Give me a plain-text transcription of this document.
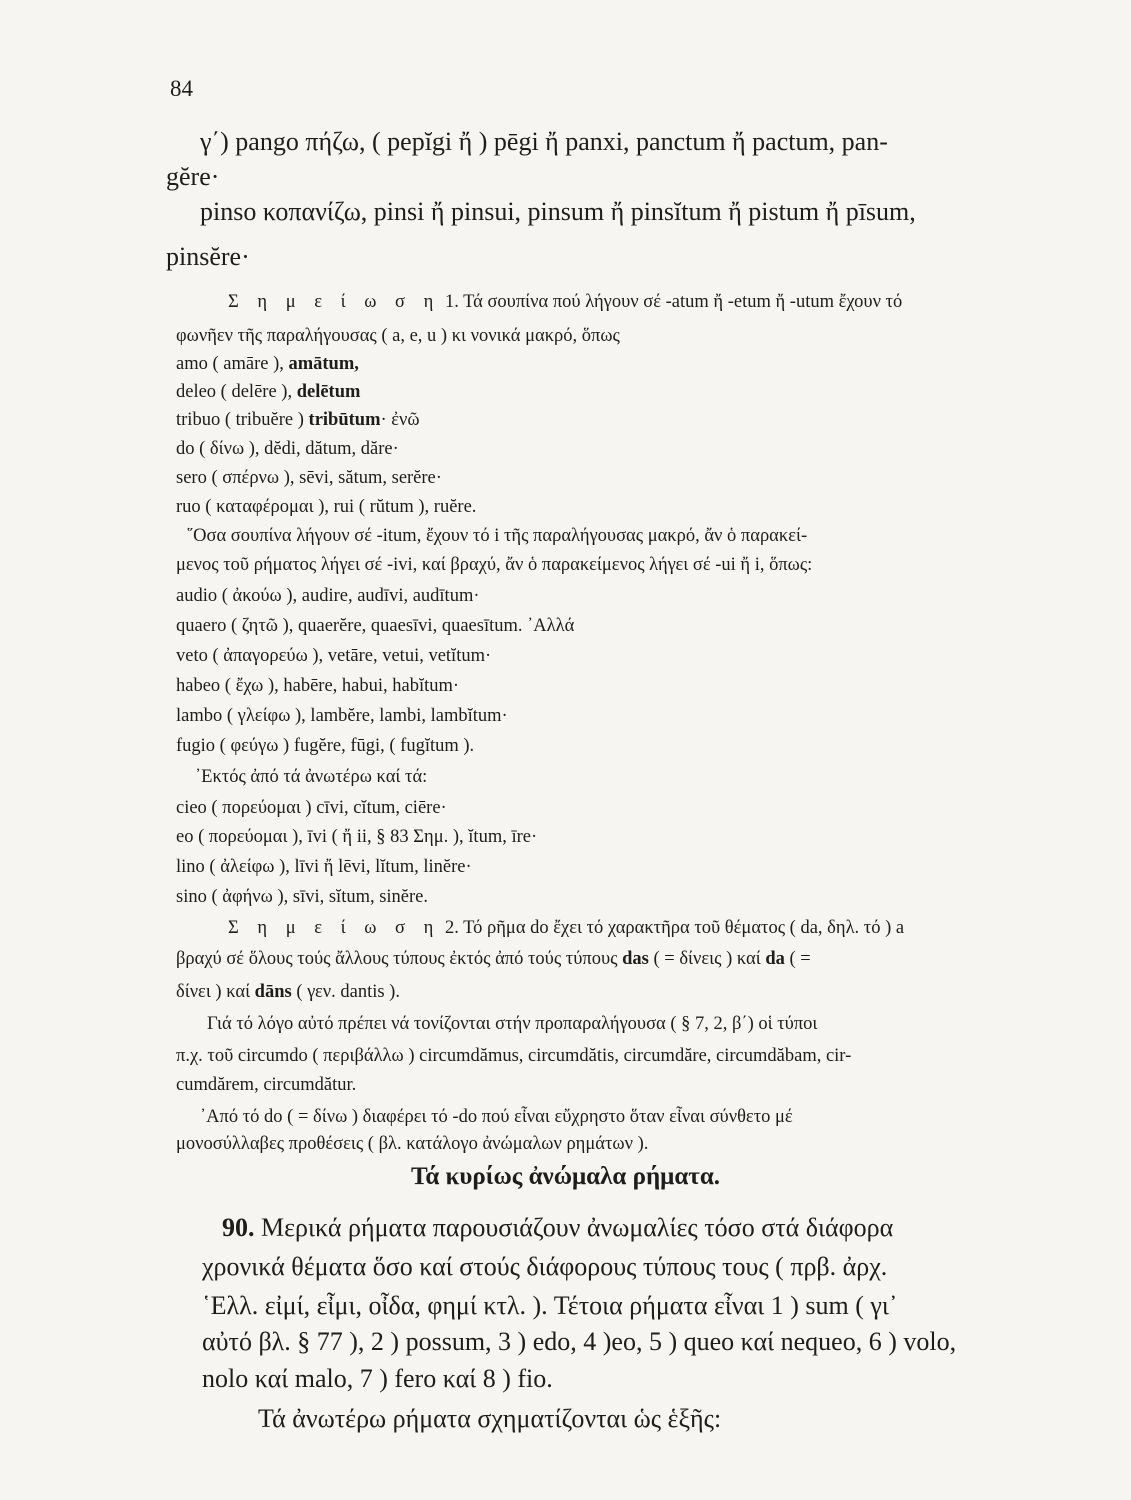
84
γ΄) pango πήζω, ( pepĭgi ἤ ) pēgi ἤ panxi, panctum ἤ pactum, pan-
gĕre·
pinso κοπανίζω, pinsi ἤ pinsui, pinsum ἤ pinsĭtum ἤ pistum ἤ pīsum,
pinsĕre·
Σ η μ ε ί ω σ η 1. Τά σουπίνα πού λήγουν σέ -atum ἤ -etum ἤ -utum ἔχουν τό
φωνῆεν τῆς παραλήγουσας ( a, e, u ) κι νονικά μακρό, ὅπως
amo ( amāre ), amātum,
deleo ( delēre ), delētum
tribuo ( tribuĕre ) tribūtum· ἐνῶ
do ( δίνω ), dĕdi, dătum, dăre·
sero ( σπέρνω ), sēvi, sătum, serĕre·
ruo ( καταφέρομαι ), rui ( rŭtum ), ruĕre.
῞Οσα σουπίνα λήγουν σέ -itum, ἔχουν τό i τῆς παραλήγουσας μακρό, ἄν ὁ παρακεί-
μενος τοῦ ρήματος λήγει σέ -ivi, καί βραχύ, ἄν ὁ παρακείμενος λήγει σέ -ui ἤ i, ὅπως:
audio ( ἀκούω ), audire, audīvi, audītum·
quaero ( ζητῶ ), quaerĕre, quaesīvi, quaesītum. ᾿Αλλά
veto ( ἀπαγορεύω ), vetāre, vetui, vetĭtum·
habeo ( ἔχω ), habēre, habui, habĭtum·
lambo ( γλείφω ), lambĕre, lambi, lambĭtum·
fugio ( φεύγω ) fugĕre, fūgi, ( fugĭtum ).
᾿Εκτός ἀπό τά ἀνωτέρω καί τά:
cieo ( πορεύομαι ) cīvi, cĭtum, ciēre·
eo ( πορεύομαι ), īvi ( ἤ ii, § 83 Σημ. ), ĭtum, īre·
lino ( ἀλείφω ), līvi ἤ lēvi, lĭtum, linĕre·
sino ( ἀφήνω ), sīvi, sĭtum, sinĕre.
Σ η μ ε ί ω σ η 2. Τό ρῆμα do ἔχει τό χαρακτῆρα τοῦ θέματος ( da, δηλ. τό ) a
βραχύ σέ ὅλους τούς ἄλλους τύπους ἐκτός ἀπό τούς τύπους das ( = δίνεις ) καί da ( =
δίνει ) καί dāns ( γεν. dantis ).
Γιά τό λόγο αὐτό πρέπει νά τονίζονται στήν προπαραλήγουσα ( § 7, 2, β΄) οἱ τύποι
π.χ. τοῦ circumdo ( περιβάλλω ) circumdămus, circumdătis, circumdăre, circumdăbam, cir-
cumdărem, circumdătur.
᾿Από τό do ( = δίνω ) διαφέρει τό -do πού εἶναι εὔχρηστο ὅταν εἶναι σύνθετο μέ
μονοσύλλαβες προθέσεις ( βλ. κατάλογο ἀνώμαλων ρημάτων ).
Τά κυρίως ἀνώμαλα ρήματα.
90. Μερικά ρήματα παρουσιάζουν ἀνωμαλίες τόσο στά διάφορα
χρονικά θέματα ὅσο καί στούς διάφορους τύπους τους ( πρβ. ἀρχ.
῾Ελλ. εἰμί, εἶμι, οἶδα, φημί κτλ. ). Τέτοια ρήματα εἶναι 1 ) sum ( γι᾿
αὐτό βλ. § 77 ), 2 ) possum, 3 ) edo, 4 )eo, 5 ) queo καί nequeo, 6 ) volo,
nolo καί malo, 7 ) fero καί 8 ) fio.
Τά ἀνωτέρω ρήματα σχηματίζονται ὡς ἑξῆς:
